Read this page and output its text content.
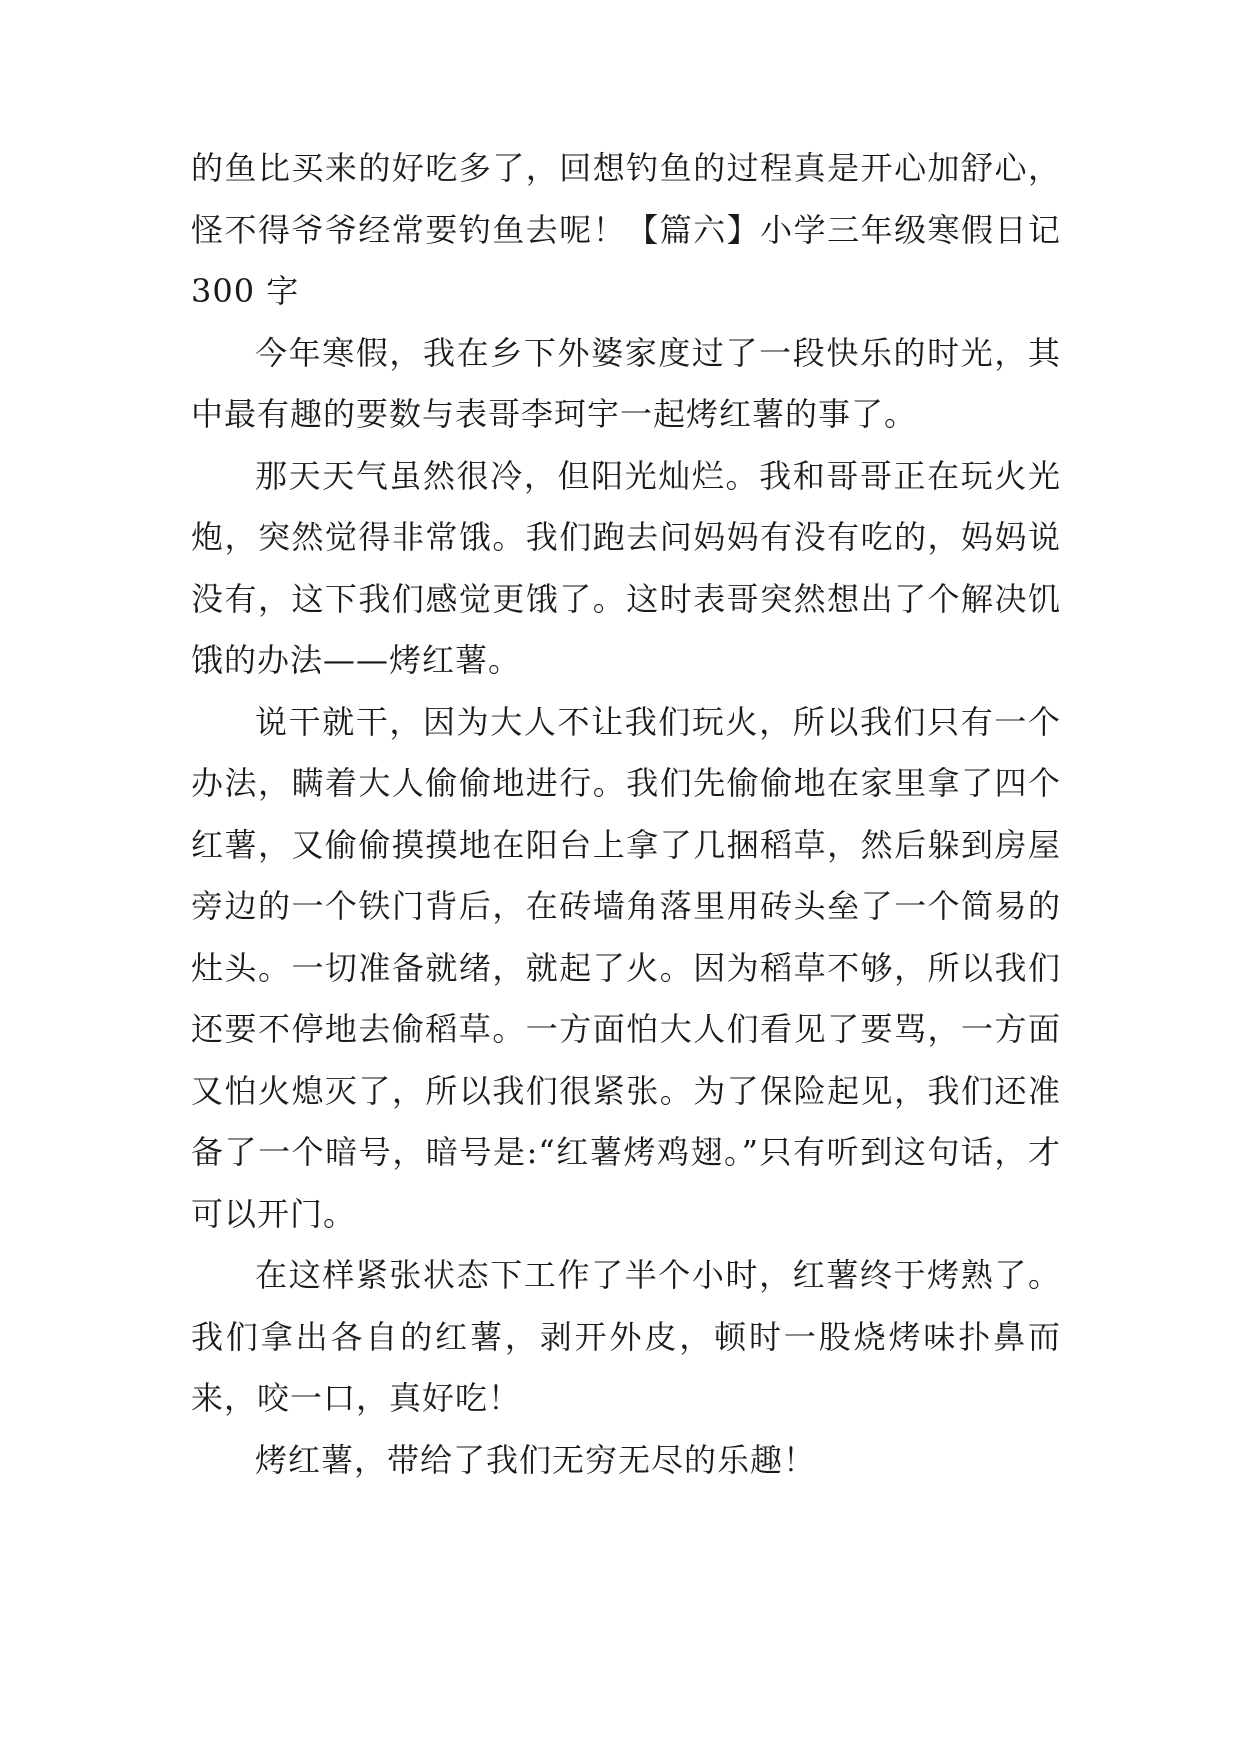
的鱼比买来的好吃多了，回想钓鱼的过程真是开心加舒心，怪不得爷爷经常要钓鱼去呢！【篇六】小学三年级寒假日记 300 字

今年寒假，我在乡下外婆家度过了一段快乐的时光，其中最有趣的要数与表哥李珂宇一起烤红薯的事了。

那天天气虽然很冷，但阳光灿烂。我和哥哥正在玩火光炮，突然觉得非常饿。我们跑去问妈妈有没有吃的，妈妈说没有，这下我们感觉更饿了。这时表哥突然想出了个解决饥饿的办法——烤红薯。

说干就干，因为大人不让我们玩火，所以我们只有一个办法，瞒着大人偷偷地进行。我们先偷偷地在家里拿了四个红薯，又偷偷摸摸地在阳台上拿了几捆稻草，然后躲到房屋旁边的一个铁门背后，在砖墙角落里用砖头垒了一个简易的灶头。一切准备就绪，就起了火。因为稻草不够，所以我们还要不停地去偷稻草。一方面怕大人们看见了要骂，一方面又怕火熄灭了，所以我们很紧张。为了保险起见，我们还准备了一个暗号，暗号是:“红薯烤鸡翅。”只有听到这句话，才可以开门。

在这样紧张状态下工作了半个小时，红薯终于烤熟了。我们拿出各自的红薯，剥开外皮，顿时一股烧烤味扑鼻而来，咬一口，真好吃！

烤红薯，带给了我们无穷无尽的乐趣！
